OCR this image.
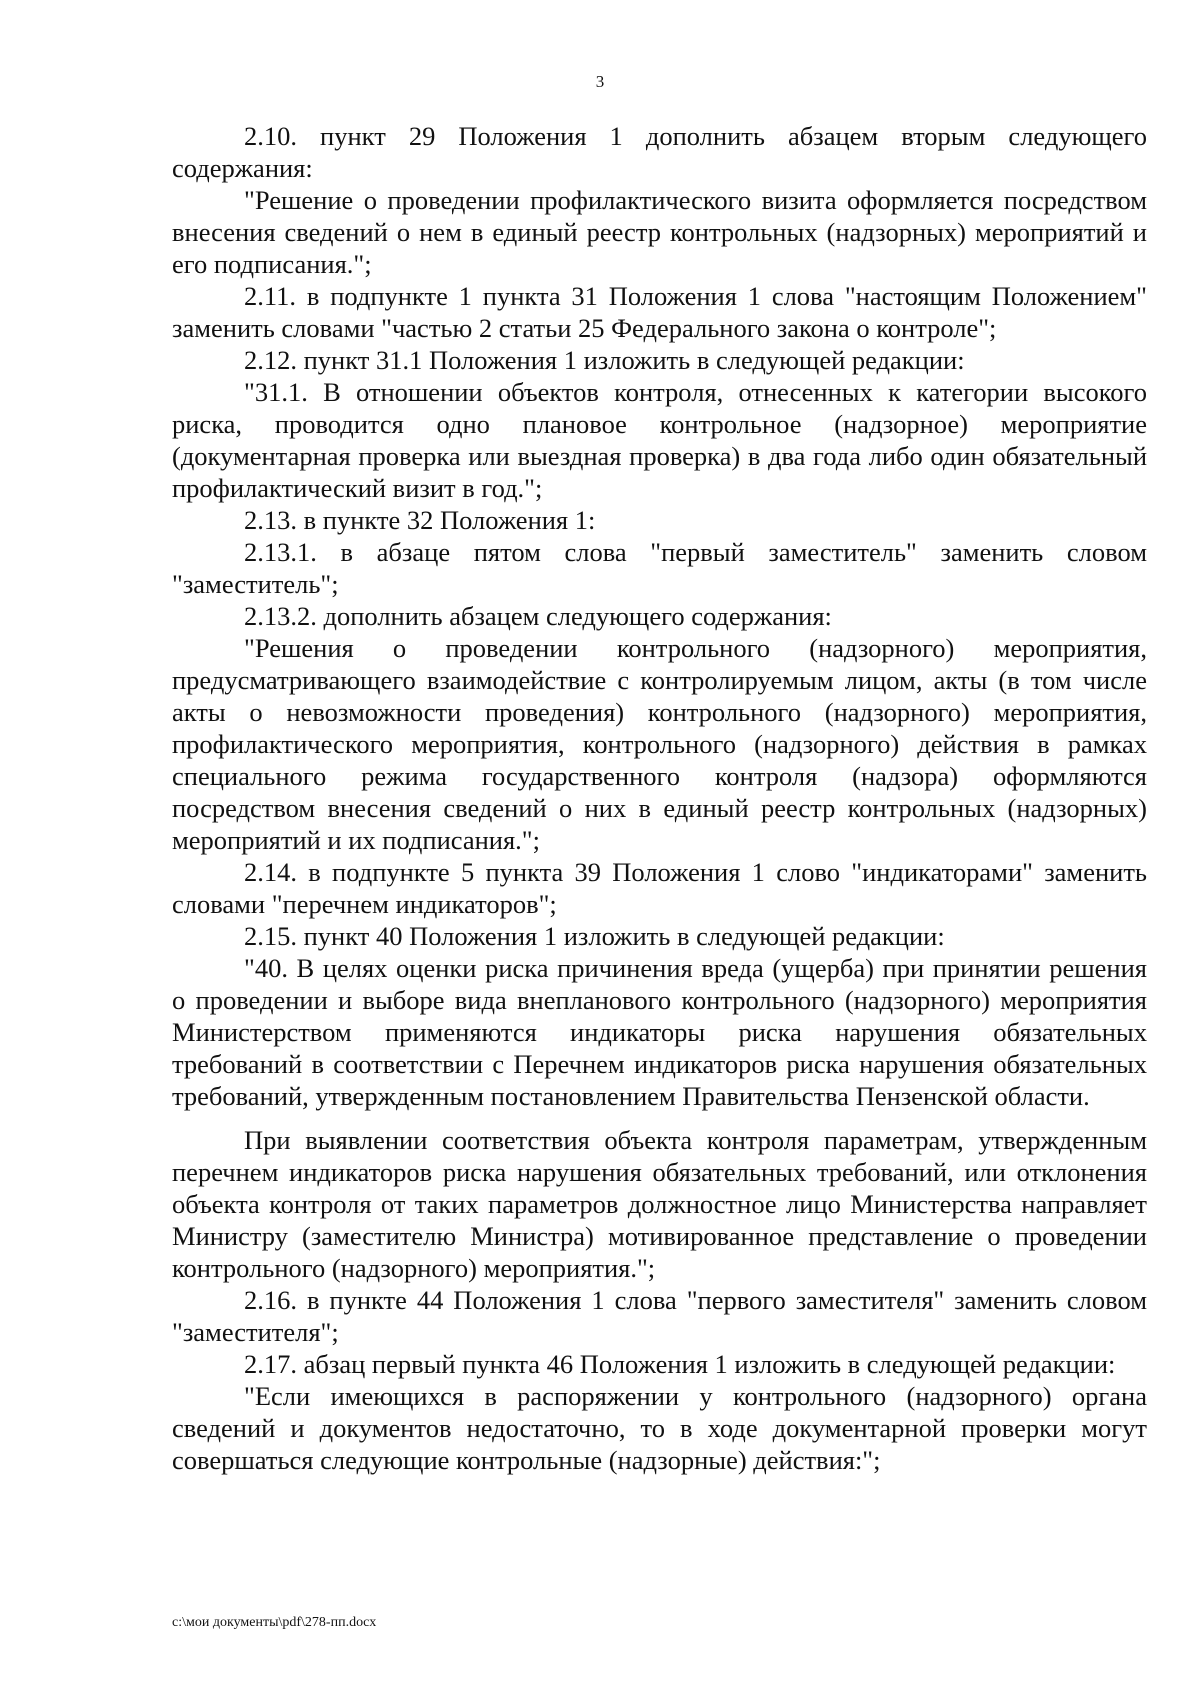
3

2.10. пункт 29 Положения 1 дополнить абзацем вторым следующего содержания:

"Решение о проведении профилактического визита оформляется посредством внесения сведений о нем в единый реестр контрольных (надзорных) мероприятий и его подписания.";

2.11. в подпункте 1 пункта 31 Положения 1 слова "настоящим Положением" заменить словами "частью 2 статьи 25 Федерального закона о контроле";

2.12. пункт 31.1 Положения 1 изложить в следующей редакции:

"31.1. В отношении объектов контроля, отнесенных к категории высокого риска, проводится одно плановое контрольное (надзорное) мероприятие (документарная проверка или выездная проверка) в два года либо один обязательный профилактический визит в год.";

2.13. в пункте 32 Положения 1:

2.13.1. в абзаце пятом слова "первый заместитель" заменить словом "заместитель";

2.13.2. дополнить абзацем следующего содержания:

"Решения о проведении контрольного (надзорного) мероприятия, предусматривающего взаимодействие с контролируемым лицом, акты (в том числе акты о невозможности проведения) контрольного (надзорного) мероприятия, профилактического мероприятия, контрольного (надзорного) действия в рамках специального режима государственного контроля (надзора) оформляются посредством внесения сведений о них в единый реестр контрольных (надзорных) мероприятий и их подписания.";

2.14. в подпункте 5 пункта 39 Положения 1 слово "индикаторами" заменить словами "перечнем индикаторов";

2.15. пункт 40 Положения 1 изложить в следующей редакции:

"40. В целях оценки риска причинения вреда (ущерба) при принятии решения о проведении и выборе вида внепланового контрольного (надзорного) мероприятия Министерством применяются индикаторы риска нарушения обязательных требований в соответствии с Перечнем индикаторов риска нарушения обязательных требований, утвержденным постановлением Правительства Пензенской области.

При выявлении соответствия объекта контроля параметрам, утвержденным перечнем индикаторов риска нарушения обязательных требований, или отклонения объекта контроля от таких параметров должностное лицо Министерства направляет Министру (заместителю Министра) мотивированное представление о проведении контрольного (надзорного) мероприятия.";

2.16. в пункте 44 Положения 1 слова "первого заместителя" заменить словом "заместителя";

2.17. абзац первый пункта 46 Положения 1 изложить в следующей редакции:

"Если имеющихся в распоряжении у контрольного (надзорного) органа сведений и документов недостаточно, то в ходе документарной проверки могут совершаться следующие контрольные (надзорные) действия:";

c:\мои документы\pdf\278-пп.docx
